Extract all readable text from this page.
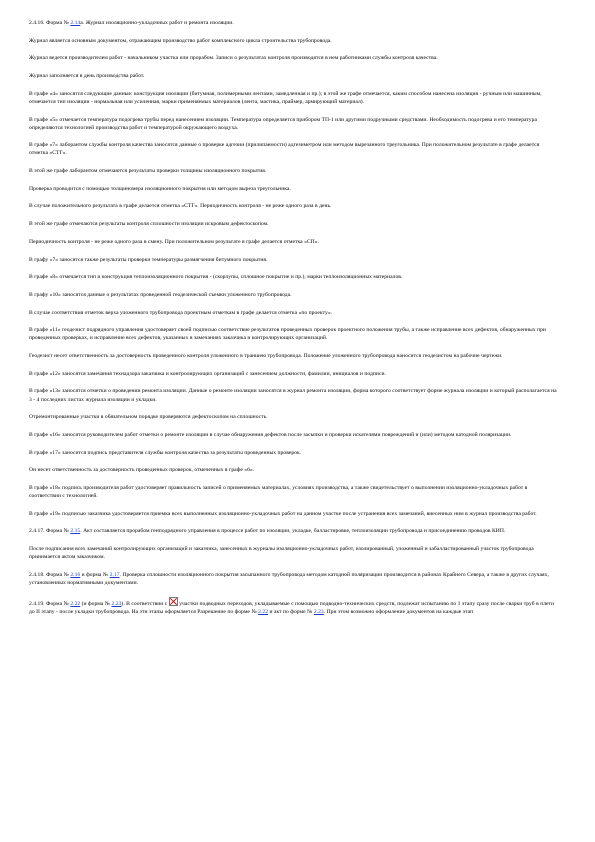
2.4.16. Форма № 2.14а. Журнал изоляционно-укладочных работ и ремонта изоляции.

Журнал является основным документом, отражающим производство работ комплексного цикла строительства трубопровода.

Журнал ведется производителем работ - начальником участка или прорабом. Записи о результатах контроля производятся в нем работниками службы контроля качества.

Журнал заполняется в день производства работ.

В графе «4» заносятся следующие данные: конструкция изоляции (битумная, полимерными лентами, замедленная и пр.); в этой же графе отмечается, каким способом нанесена изоляция - ручным или машинным, отмечается тип изоляции - нормальная или усиленная, марки применяемых материалов (лента, мастика, праймер, армирующий материал).

В графе «5» отмечается температура подогрева трубы перед нанесением изоляции. Температура определяется прибором ТП-1 или другими подручными средствами. Необходимость подогрева и его температура определяются технологией производства работ и температурой окружающего воздуха.

В графе «7» лаборантом службы контроля качества заносятся данные о проверке адгезии (прилипаемости) адгезиметром или методом вырезанного треугольника. При положительном результате в графе делается отметка «СТГ».

В этой же графе лаборантом отмечаются результаты проверки толщины изоляционного покрытия.

Проверка проводится с помощью толщиномера изоляционного покрытия или методом выреза треугольника.

В случае положительного результата в графе делается отметка «СТГ». Периодичность контроля - не реже одного раза в день.

В этой же графе отмечаются результаты контроля сплошности изоляции искровым дефектоскопом.

Периодичность контроля - не реже одного раза в смену. При положительном результате в графе делается отметка «СП».

В графу «7» заносятся также результаты проверки температуры размягчения битумного покрытия.

В графе «8» отмечается тип и конструкция теплоизоляционного покрытия - (скорлупы, сплошное покрытие и пр.), марки теплоизоляционных материалов.

В графу «10» заносятся данные о результатах проведенной геодезической съемки уложенного трубопровода.

В случае соответствия отметок верха уложенного трубопровода проектным отметкам в графе делается отметка «по проекту».

В графе «11» геодезист подрядного управления удостоверяет своей подписью соответствие результатов проведенных проверок проектного положения трубы, а также исправление всех дефектов, обнаруженных при проведенных проверках, и исправление всех дефектов, указанных в замечаниях заказчика и контролирующих организаций.

Геодезист несет ответственность за достоверность проведенного контроля уложенного в траншею трубопровода. Положение уложенного трубопровода наносится геодезистом на рабочие чертежи.

В графе «12» заносятся замечания технадзора заказчика и контролирующих организаций с занесением должности, фамилии, инициалов и подписи.

В графе «13» заносятся отметки о проведении ремонта изоляции. Данные о ремонте изоляции заносятся в журнал ремонта изоляции, форма которого соответствует форме журнала изоляции и который располагается на 3 - 4 последних листах журнала изоляции и укладки.

Отремонтированные участки в обязательном порядке проверяются дефектоскопом на сплошность.

В графе «16» заносятся руководителем работ отметки о ремонте изоляции в случае обнаружения дефектов после засыпки и проверки искателями повреждений и (или) методом катодной поляризации.

В графе «17» заносится подпись представителя службы контроля качества за результаты проведенных проверок.

Он несет ответственность за достоверность проведенных проверок, отмеченных в графе «6».

В графе «18» подпись производителя работ удостоверяет правильность записей о применяемых материалах, условиях производства, а также свидетельствует о выполнении изоляционно-укладочных работ в соответствии с технологией.

В графе «19» подписью заказчика удостоверяется приемка всех выполненных изоляционно-укладочных работ на данном участке после устранения всех замечаний, внесенных ним в журнал производства работ.

2.4.17. Форма № 2.15. Акт составляется прорабом генподрядного управления в процессе работ по изоляции, укладке, балластировке, теплоизоляции трубопровода и присоединению проводов КИП.

После подписания всех замечаний контролирующих организаций и заказчика, занесенных в журналы изоляционно-укладочных работ, изолированный, уложенный и забалластированный участок трубопровода принимается актом заказчиком.

2.4.18. Форма № 2.16 и форма № 2.17. Проверка сплошности изоляционного покрытия засыпанного трубопровода методом катодной поляризации производится в районах Крайнего Севера, а также в других случаях, установленных нормативными документами.

2.4.19. Форма № 2.22 (и форма № 2.23). В соответствии с  участки подводных переходов, укладываемые с помощью подводно-технических средств, подлежат испытанию по 1 этапу сразу после сварки труб в плети до II этапу - после укладки трубопровода. На эти этапы оформляется Разрешение по форме № 2.22 и акт по форме № 2.23. При этом возможно оформление документов на каждые этап
